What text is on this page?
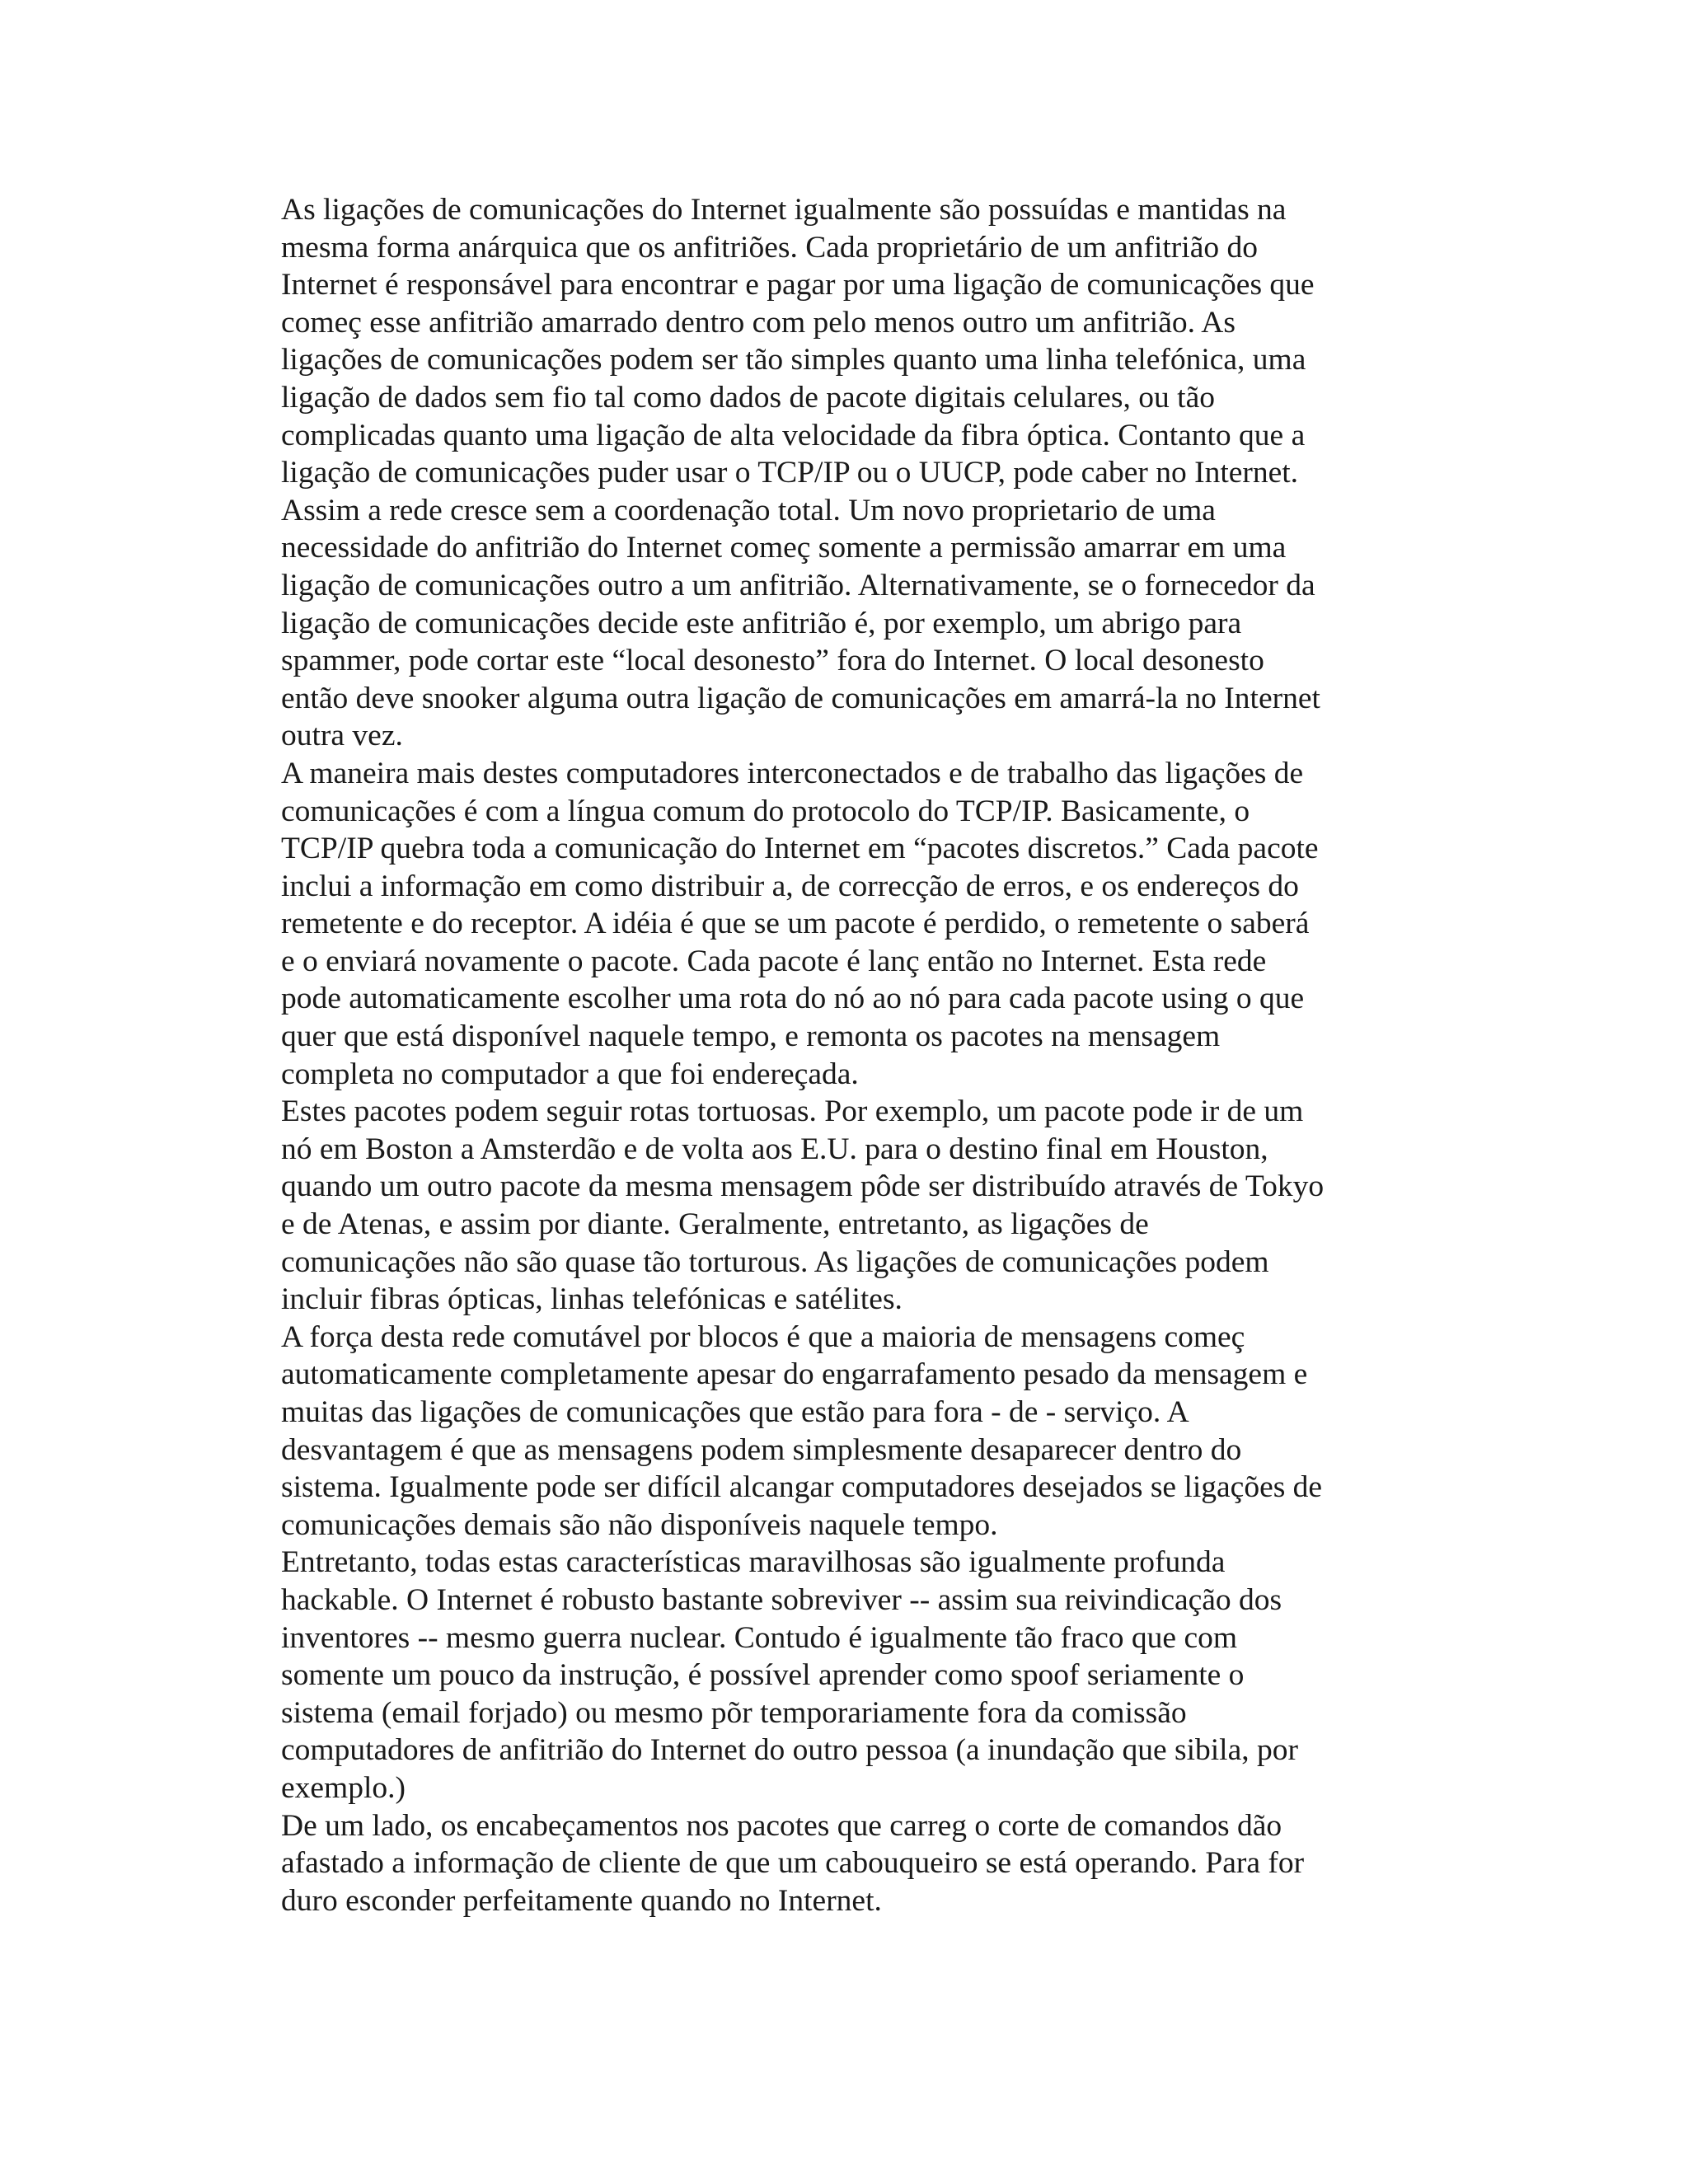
As ligações de comunicações do Internet igualmente são possuídas e mantidas na
mesma forma anárquica que os anfitriões. Cada proprietário de um anfitrião do
Internet é responsável para encontrar e pagar por uma ligação de comunicações que
começ esse anfitrião amarrado dentro com pelo menos outro um anfitrião. As
ligações de comunicações podem ser tão simples quanto uma linha telefónica, uma
ligação de dados sem fio tal como dados de pacote digitais celulares, ou tão
complicadas quanto uma ligação de alta velocidade da fibra óptica. Contanto que a
ligação de comunicações puder usar o TCP/IP ou o UUCP, pode caber no Internet.
Assim a rede cresce sem a coordenação total. Um novo proprietario de uma
necessidade do anfitrião do Internet começ somente a permissão amarrar em uma
ligação de comunicações outro a um anfitrião. Alternativamente, se o fornecedor da
ligação de comunicações decide este anfitrião é, por exemplo, um abrigo para
spammer, pode cortar este “local desonesto” fora do Internet. O local desonesto
então deve snooker alguma outra ligação de comunicações em amarrá-la no Internet
outra vez.

A maneira mais destes computadores interconectados e de trabalho das ligações de
comunicações é com a língua comum do protocolo do TCP/IP. Basicamente, o
TCP/IP quebra toda a comunicação do Internet em “pacotes discretos.” Cada pacote
inclui a informação em como distribuir a, de correcção de erros, e os endereços do
remetente e do receptor. A idéia é que se um pacote é perdido, o remetente o saberá
e o enviará novamente o pacote. Cada pacote é lanç então no Internet. Esta rede
pode automaticamente escolher uma rota do nó ao nó para cada pacote using o que
quer que está disponível naquele tempo, e remonta os pacotes na mensagem
completa no computador a que foi endereçada.

Estes pacotes podem seguir rotas tortuosas. Por exemplo, um pacote pode ir de um
nó em Boston a Amsterdão e de volta aos E.U. para o destino final em Houston,
quando um outro pacote da mesma mensagem pôde ser distribuído através de Tokyo
e de Atenas, e assim por diante. Geralmente, entretanto, as ligações de
comunicações não são quase tão torturous. As ligações de comunicações podem
incluir fibras ópticas, linhas telefónicas e satélites.

A força desta rede comutável por blocos é que a maioria de mensagens começ
automaticamente completamente apesar do engarrafamento pesado da mensagem e
muitas das ligações de comunicações que estão para fora - de - serviço. A
desvantagem é que as mensagens podem simplesmente desaparecer dentro do
sistema. Igualmente pode ser difícil alcangar computadores desejados se ligações de
comunicações demais são não disponíveis naquele tempo.

Entretanto, todas estas características maravilhosas são igualmente profunda
hackable. O Internet é robusto bastante sobreviver -- assim sua reivindicação dos
inventores -- mesmo guerra nuclear. Contudo é igualmente tão fraco que com
somente um pouco da instrução, é possível aprender como spoof seriamente o
sistema (email forjado) ou mesmo põr temporariamente fora da comissão
computadores de anfitrião do Internet do outro pessoa (a inundação que sibila, por
exemplo.)

De um lado, os encabeçamentos nos pacotes que carreg o corte de comandos dão
afastado a informação de cliente de que um cabouqueiro se está operando. Para for
duro esconder perfeitamente quando no Internet.
